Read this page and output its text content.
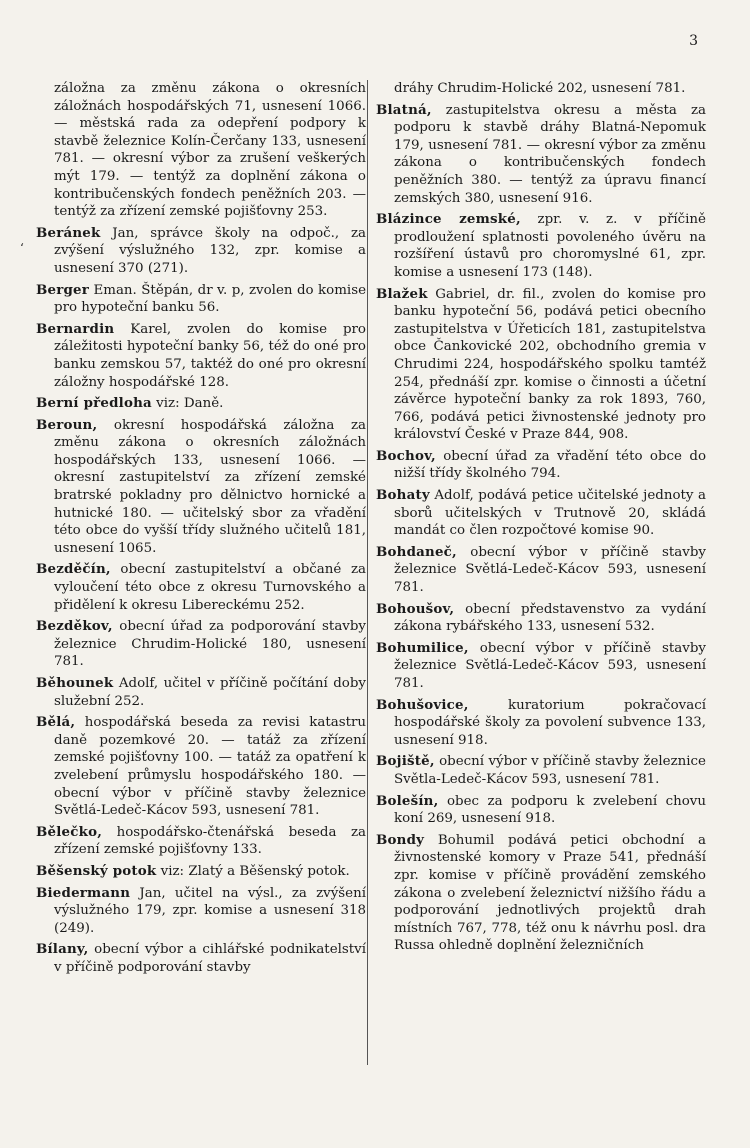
3
ʻ
záložna za změnu zákona o okresních záložnách hospodářských 71, usnesení 1066. — městská rada za odepření podpory k stavbě železnice Kolín-Čerčany 133, usnesení 781. — okresní výbor za zrušení veškerých mýt 179. — tentýž za doplnění zákona o kontribučenských fondech peněžních 203. — tentýž za zřízení zemské pojišťovny 253.
Beránek Jan, správce školy na odpoč., za zvýšení výslužného 132, zpr. komise a usnesení 370 (271).
Berger Eman. Štěpán, dr v. p, zvolen do komise pro hypoteční banku 56.
Bernardin Karel, zvolen do komise pro záležitosti hypoteční banky 56, též do oné pro banku zemskou 57, taktéž do oné pro okresní záložny hospodářské 128.
Berní předloha viz: Daně.
Beroun, okresní hospodářská záložna za změnu zákona o okresních záložnách hospodářských 133, usnesení 1066. — okresní zastupitelství za zřízení zemské bratrské pokladny pro dělnictvo hornické a hutnické 180. — učitelský sbor za vřadění této obce do vyšší třídy služného učitelů 181, usnesení 1065.
Bezděčín, obecní zastupitelství a občané za vyloučení této obce z okresu Turnovského a přidělení k okresu Libereckému 252.
Bezděkov, obecní úřad za podporování stavby železnice Chrudim-Holické 180, usnesení 781.
Běhounek Adolf, učitel v příčině počítání doby služební 252.
Bělá, hospodářská beseda za revisi katastru daně pozemkové 20. — tatáž za zřízení zemské pojišťovny 100. — tatáž za opatření k zvelebení průmyslu hospodářského 180. — obecní výbor v příčině stavby železnice Světlá-Ledeč-Kácov 593, usnesení 781.
Bělečko, hospodářsko-čtenářská beseda za zřízení zemské pojišťovny 133.
Běšenský potok viz: Zlatý a Běšenský potok.
Biedermann Jan, učitel na výsl., za zvýšení výslužného 179, zpr. komise a usnesení 318 (249).
Bílany, obecní výbor a cihlářské podnikatelství v příčině podporování stavby
dráhy Chrudim-Holické 202, usnesení 781.
Blatná, zastupitelstva okresu a města za podporu k stavbě dráhy Blatná-Nepomuk 179, usnesení 781. — okresní výbor za změnu zákona o kontribučenských fondech peněžních 380. — tentýž za úpravu financí zemských 380, usnesení 916.
Blázince zemské, zpr. v. z. v příčině prodloužení splatnosti povoleného úvěru na rozšíření ústavů pro choromyslné 61, zpr. komise a usnesení 173 (148).
Blažek Gabriel, dr. fil., zvolen do komise pro banku hypoteční 56, podává petici obecního zastupitelstva v Úřeticích 181, zastupitelstva obce Čankovické 202, obchodního gremia v Chrudimi 224, hospodářského spolku tamtéž 254, přednáší zpr. komise o činnosti a účetní závěrce hypoteční banky za rok 1893, 760, 766, podává petici živnostenské jednoty pro království České v Praze 844, 908.
Bochov, obecní úřad za vřadění této obce do nižší třídy školného 794.
Bohaty Adolf, podává petice učitelské jednoty a sborů učitelských v Trutnově 20, skládá mandát co člen rozpočtové komise 90.
Bohdaneč, obecní výbor v příčině stavby železnice Světlá-Ledeč-Kácov 593, usnesení 781.
Bohoušov, obecní představenstvo za vydání zákona rybářského 133, usnesení 532.
Bohumilice, obecní výbor v příčině stavby železnice Světlá-Ledeč-Kácov 593, usnesení 781.
Bohušovice, kuratorium pokračovací hospodářské školy za povolení subvence 133, usnesení 918.
Bojiště, obecní výbor v příčině stavby železnice Světla-Ledeč-Kácov 593, usnesení 781.
Bolešín, obec za podporu k zvelebení chovu koní 269, usnesení 918.
Bondy Bohumil podává petici obchodní a živnostenské komory v Praze 541, přednáší zpr. komise v příčině provádění zemského zákona o zvelebení železnictví nižšího řádu a podporování jednotlivých projektů drah místních 767, 778, též onu k návrhu posl. dra Russa ohledně doplnění železničních
